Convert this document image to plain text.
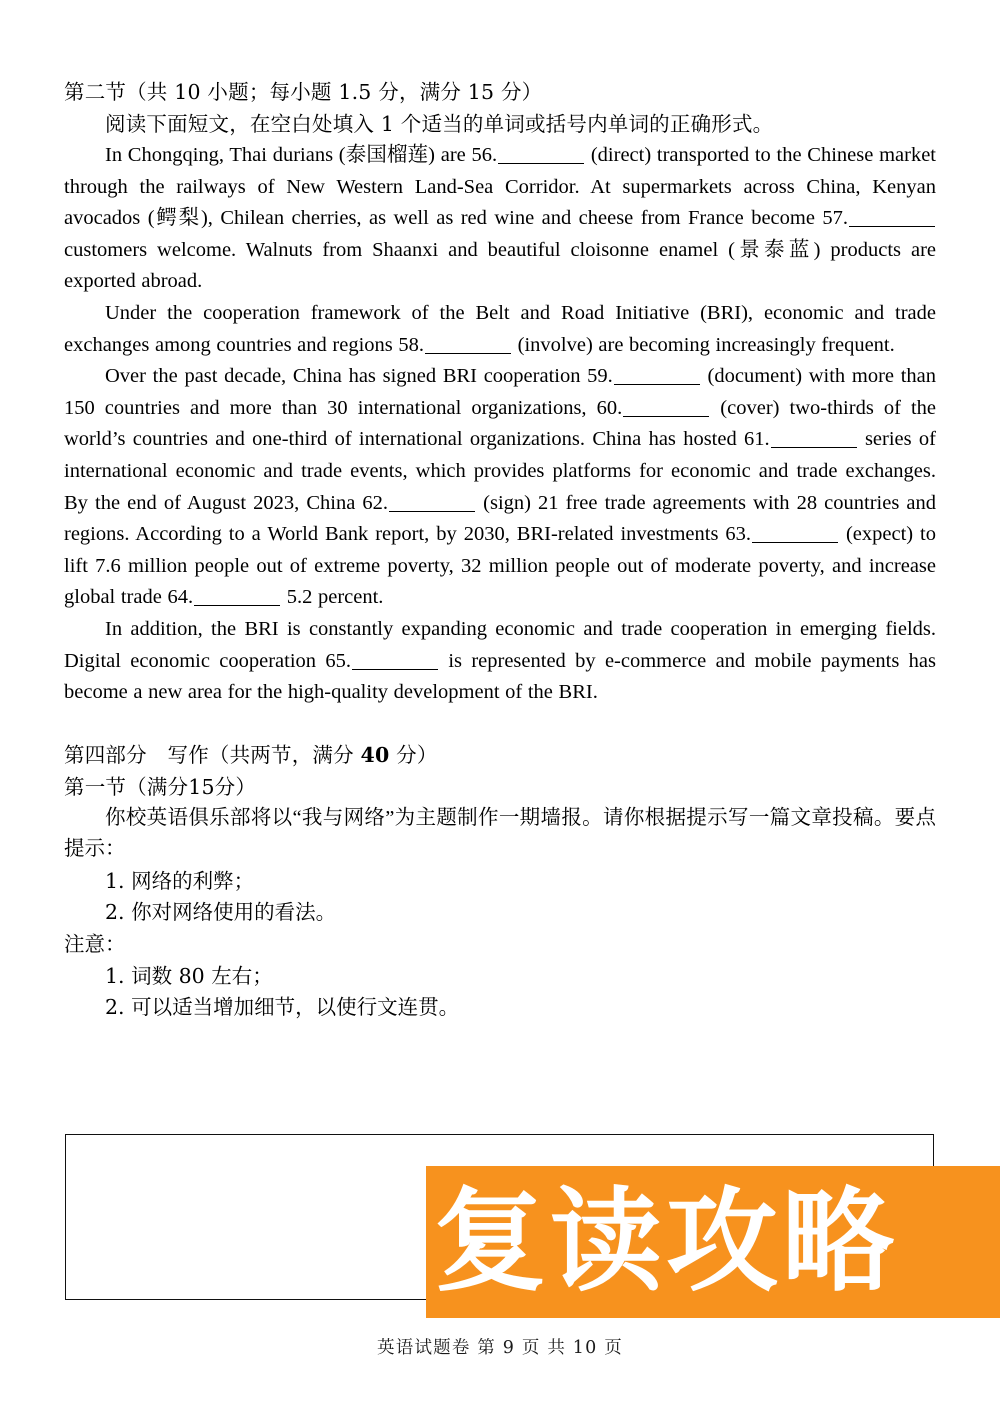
第二节（共 10 小题；每小题 1.5 分，满分 15 分）
阅读下面短文，在空白处填入 1 个适当的单词或括号内单词的正确形式。

In Chongqing, Thai durians (泰国榴莲) are 56.	(direct) transported to the Chinese market through the railways of New Western Land-Sea Corridor. At supermarkets across China, Kenyan avocados (鳄梨), Chilean cherries, as well as red wine and cheese from France become 57. customers welcome. Walnuts from Shaanxi and beautiful cloisonne enamel (景泰蓝) products are exported abroad.

Under the cooperation framework of the Belt and Road Initiative (BRI), economic and trade exchanges among countries and regions 58.	(involve) are becoming increasingly frequent.

Over the past decade, China has signed BRI cooperation 59.	(document) with more than 150 countries and more than 30 international organizations, 60.	(cover) two-thirds of the world’s countries and one-third of international organizations. China has hosted 61.	series of international economic and trade events, which provides platforms for economic and trade exchanges. By the end of August 2023, China 62.	(sign) 21 free trade agreements with 28 countries and regions. According to a World Bank report, by 2030, BRI-related investments 63.	(expect) to lift 7.6 million people out of extreme poverty, 32 million people out of moderate poverty, and increase global trade 64.	5.2 percent.

In addition, the BRI is constantly expanding economic and trade cooperation in emerging fields. Digital economic cooperation 65.	is represented by e-commerce and mobile payments has become a new area for the high-quality development of the BRI.

第四部分　写作（共两节，满分 40 分）
第一节（满分15分）

你校英语俱乐部将以“我与网络”为主题制作一期墙报。请你根据提示写一篇文章投稿。要点提示：

1. 网络的利弊；
2. 你对网络使用的看法。
注意：
1. 词数 80 左右；
2. 可以适当增加细节，以使行文连贯。
复读攻略
英语试题卷 第 9 页 共 10 页
